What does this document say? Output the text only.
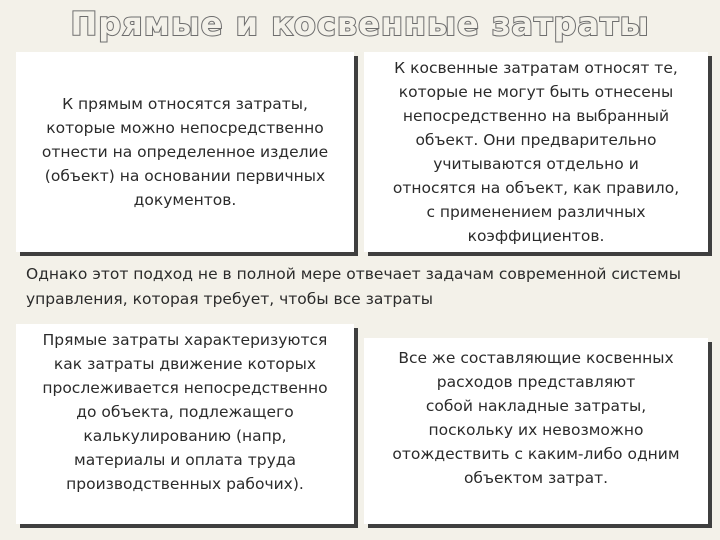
Прямые и косвенные затраты
К прямым относятся затраты,
которые можно непосредственно
отнести на определенное изделие
(объект) на основании первичных
документов.
К косвенные затратам относят те,
которые не могут быть отнесены
непосредственно на выбранный
объект. Они предварительно
учитываются отдельно и
относятся на объект, как правило,
с применением различных
коэффициентов.

Однако этот подход не в полной мере отвечает задачам современной системы управления, которая требует, чтобы все затраты

Прямые затраты характеризуются
как затраты движение которых
прослеживается непосредственно
до объекта, подлежащего
калькулированию (напр,
материалы и оплата труда
производственных рабочих).
Все же составляющие косвенных
расходов представляют
собой накладные затраты,
поскольку их невозможно
отождествить с каким-либо одним
объектом затрат.
